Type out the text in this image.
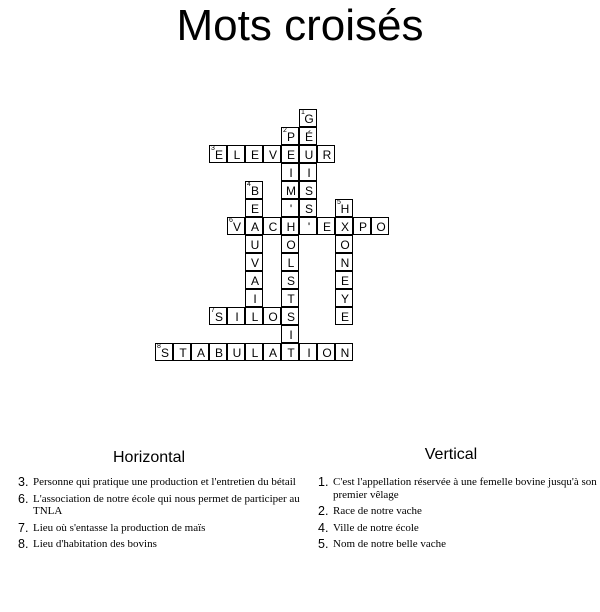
Mots croisés
1 G
2 P É
3 E L E V E U R
I	I
4 B	M S
E	'	S	5 H
6 V A C H	'	E X P O
U	O	O
V	L	N
A	S	E
I	T	Y
7 S	I	L O S	E
I
8 S T A B U L A T	I O N
Horizontal	Vertical
3. Personne qui pratique une production et l'entretien du bétail
6. L'association de notre école qui nous permet de participer au TNLA
7. Lieu où s'entasse la production de maïs
8. Lieu d'habitation des bovins
1. C'est l'appellation réservée à une femelle bovine jusqu'à son premier vêlage
2. Race de notre vache
4. Ville de notre école
5. Nom de notre belle vache
